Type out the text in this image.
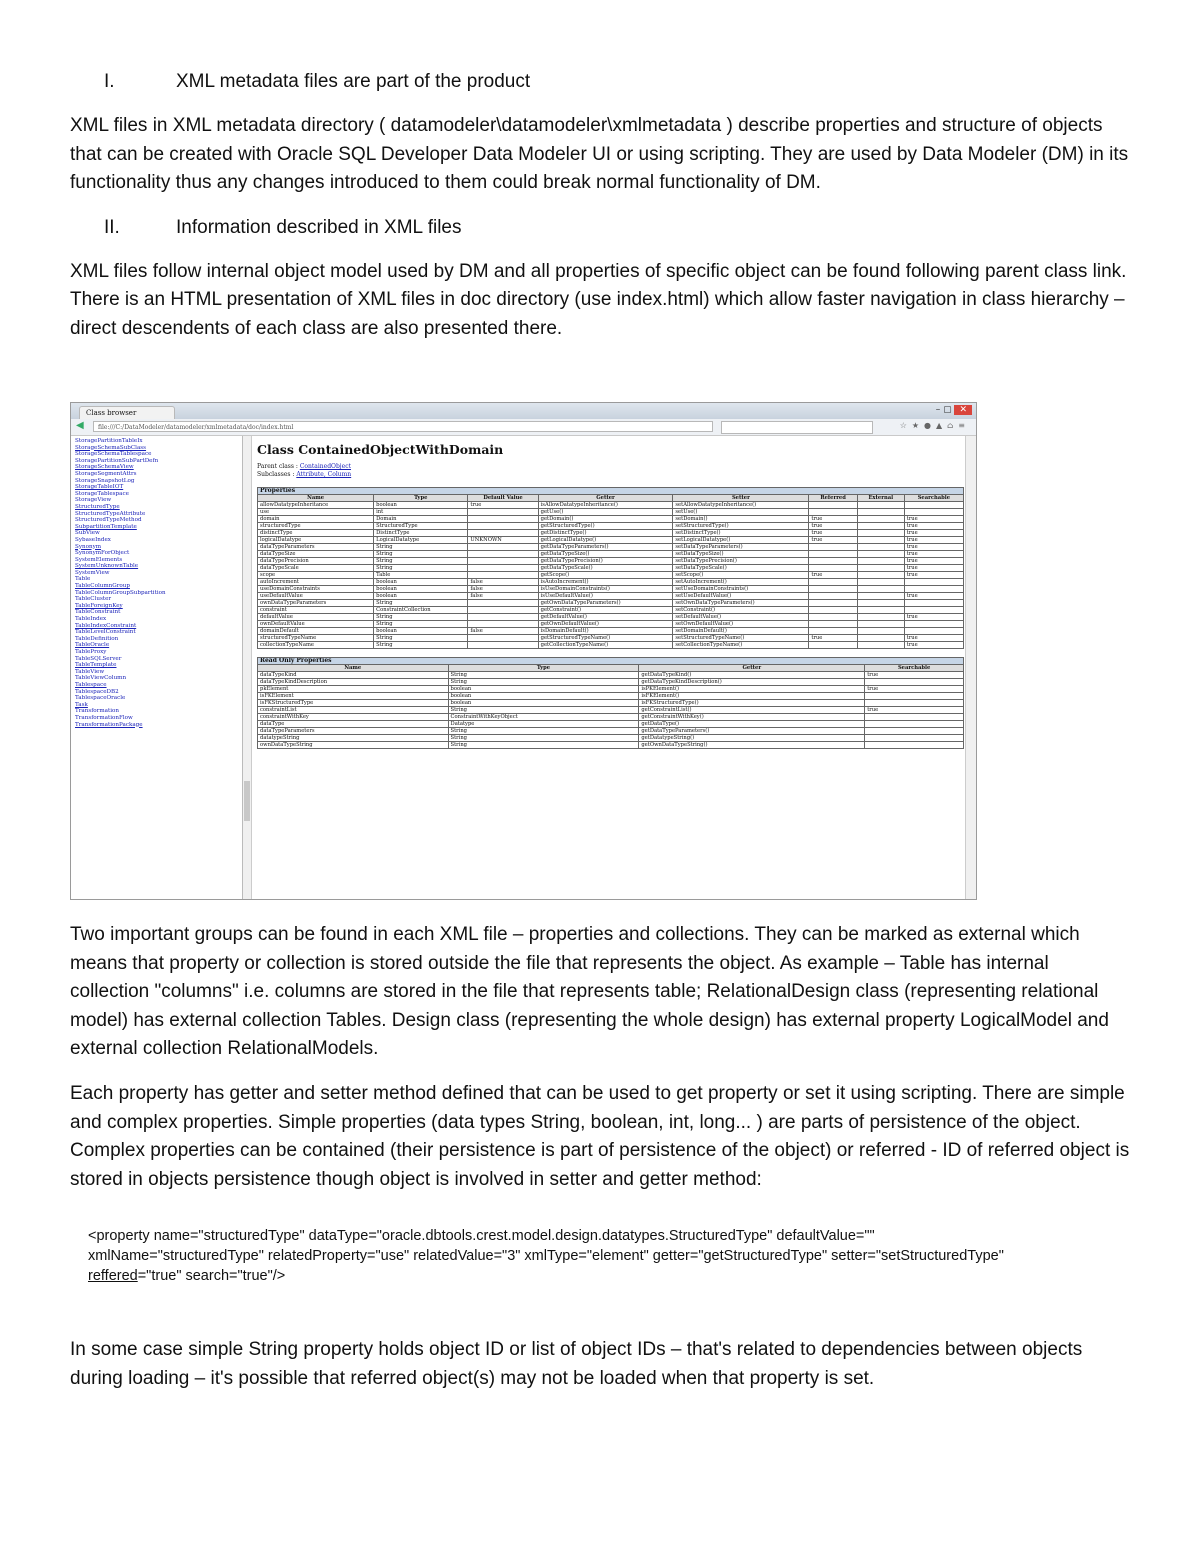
I.	XML metadata files are part of the product

XML files in XML metadata directory ( datamodeler\datamodeler\xmlmetadata ) describe properties and structure of objects that can be created with Oracle SQL Developer Data Modeler UI or using scripting. They are used by Data Modeler (DM) in its functionality thus any changes introduced to them could break normal functionality of DM.

II.	Information described in XML files

XML files follow internal object model used by DM and all properties of specific object can be found following parent class link. There is an HTML presentation of XML files in doc directory (use index.html) which allow faster navigation in class hierarchy – direct descendents of each class are also presented there.

Class browser	– ▢ ✕
◀	file:///C:/DataModeler/datamodeler/xmlmetadata/doc/index.html	☆★●▲⌂≡
StoragePartitionTableIx
StorageSchemaSubClass
StorageSchemaTablespace
StoragePartitionSubPartDefn
StorageSchemaView
StorageSegmentAttrs
StorageSnapshotLog
StorageTableIOT
StorageTablespace
StorageView
StructuredType
StructuredTypeAttribute
StructuredTypeMethod
SubpartitionTemplate
SubView
SybaseIndex
Synonym
SynonymForObject
SystemElements
SystemUnknownTable
SystemView
Table
TableColumnGroup
TableColumnGroupSubpartition
TableCluster
TableForeignKey
TableConstraint
TableIndex
TableIndexConstraint
TableLevelConstraint
TableDefinition
TableOracle
TableProxy
TableSQLServer
TableTemplate
TableView
TableViewColumn
Tablespace
TablespaceDB2
TablespaceOracle
Task
Transformation
TransformationFlow
TransformationPackage
Class ContainedObjectWithDomain
Parent class : ContainedObject
Subclasses : Attribute, Column
Properties							
Name	Type	Default Value	Getter	Setter	Referred	External	Searchable
allowDatatypeInheritance	boolean	true	isAllowDatatypeInheritance()	setAllowDatatypeInheritance()			
use	int		getUse()	setUse()			
domain	Domain		getDomain()	setDomain()	true		true
structuredType	StructuredType		getStructuredType()	setStructuredType()	true		true
distinctType	DistinctType		getDistinctType()	setDistinctType()	true		true
logicalDatatype	LogicalDatatype	UNKNOWN	getLogicalDatatype()	setLogicalDatatype()	true		true
dataTypeParameters	String		getDataTypeParameters()	setDataTypeParameters()			true
dataTypeSize	String		getDataTypeSize()	setDataTypeSize()			true
dataTypePrecision	String		getDataTypePrecision()	setDataTypePrecision()			true
dataTypeScale	String		getDataTypeScale()	setDataTypeScale()			true
scope	Table		getScope()	setScope()	true		true
autoIncrement	boolean	false	isAutoIncrement()	setAutoIncrement()			
useDomainConstraints	boolean	false	isUseDomainConstraints()	setUseDomainConstraints()			
useDefaultValue	boolean	false	isUseDefaultValue()	setUseDefaultValue()			true
ownDataTypeParameters	String		getOwnDataTypeParameters()	setOwnDataTypeParameters()			
constraint	ConstraintCollection		getConstraint()	setConstraint()			
defaultValue	String		getDefaultValue()	setDefaultValue()			true
ownDefaultValue	String		getOwnDefaultValue()	setOwnDefaultValue()			
domainDefault	boolean	false	isDomainDefault()	setDomainDefault()			
structuredTypeName	String		getStructuredTypeName()	setStructuredTypeName()	true		true
collectionTypeName	String		getCollectionTypeName()	setCollectionTypeName()			true
Read Only Properties			
Name	Type	Getter	Searchable
dataTypeKind	String	getDataTypeKind()	true
dataTypeKindDescription	String	getDataTypeKindDescription()	
pkElement	boolean	isPKElement()	true
isFKElement	boolean	isFKElement()	
isFKStructuredType	boolean	isFKStructuredType()	
constraintList	String	getConstraintList()	true
constraintWithKey	ConstraintWithKeyObject	getConstraintWithKey()	
dataType	Datatype	getDataType()	
dataTypeParameters	String	getDataTypeParameters()	
datatypeString	String	getDatatypeString()	
ownDataTypeString	String	getOwnDataTypeString()	

Two important groups can be found in each XML file – properties and collections. They can be marked as external which means that property or collection is stored outside the file that represents the object. As example – Table has internal collection "columns" i.e. columns are stored in the file that represents table; RelationalDesign class (representing relational model) has external collection Tables. Design class (representing the whole design) has external property LogicalModel and external collection RelationalModels.

Each property has getter and setter method defined that can be used to get property or set it using scripting. There are simple and complex properties. Simple properties (data types String, boolean, int, long... ) are parts of persistence of the object. Complex properties can be contained (their persistence is part of persistence of the object) or referred - ID of referred object is stored in objects persistence though object is involved in setter and getter method:

<property name="structuredType" dataType="oracle.dbtools.crest.model.design.datatypes.StructuredType" defaultValue=""
xmlName="structuredType" relatedProperty="use" relatedValue="3" xmlType="element" getter="getStructuredType" setter="setStructuredType"
reffered="true" search="true"/>

In some case simple String property holds object ID or list of object IDs – that's related to dependencies between objects during loading – it's possible that referred object(s) may not be loaded when that property is set.
